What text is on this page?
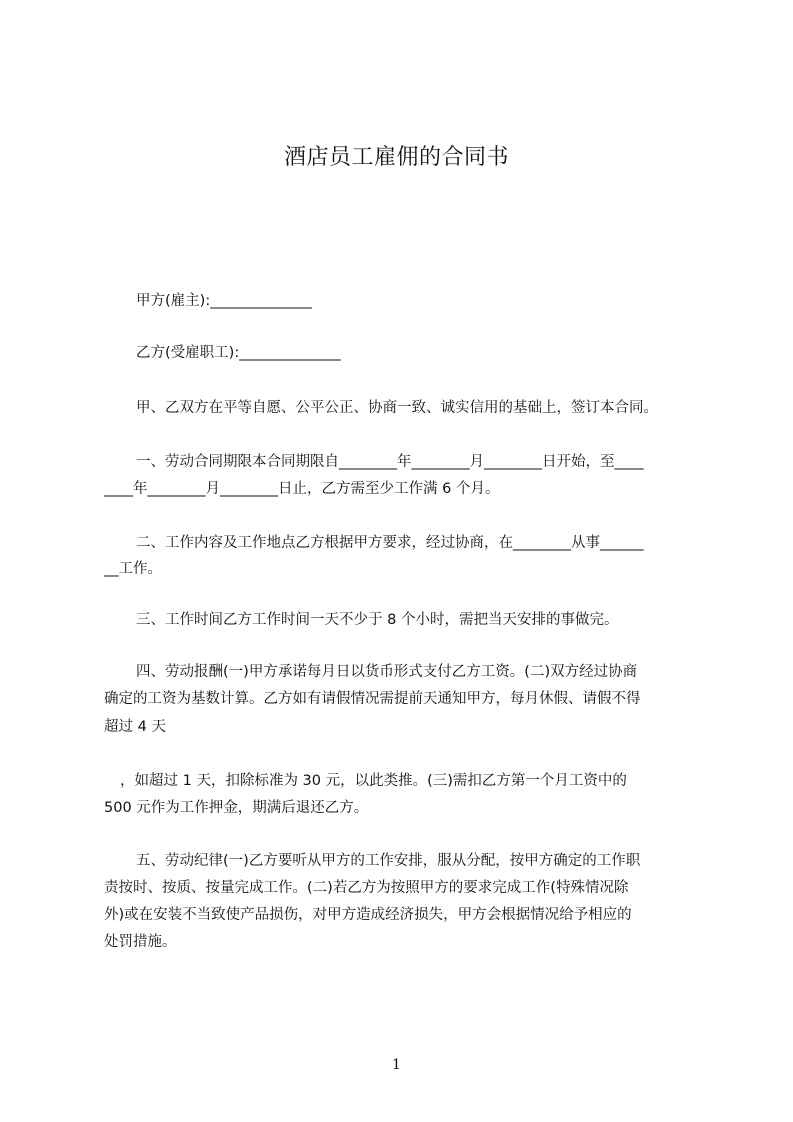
酒店员工雇佣的合同书
甲方(雇主):______________
乙方(受雇职工):______________
甲、乙双方在平等自愿、公平公正、协商一致、诚实信用的基础上，签订本合同。
一、劳动合同期限本合同期限自________年________月________日开始，至____
____年________月________日止，乙方需至少工作满 6 个月。
二、工作内容及工作地点乙方根据甲方要求，经过协商，在________从事______
__工作。
三、工作时间乙方工作时间一天不少于 8 个小时，需把当天安排的事做完。
四、劳动报酬(一)甲方承诺每月日以货币形式支付乙方工资。(二)双方经过协商
确定的工资为基数计算。乙方如有请假情况需提前天通知甲方，每月休假、请假不得
超过 4 天
，如超过 1 天，扣除标准为 30 元，以此类推。(三)需扣乙方第一个月工资中的
500 元作为工作押金，期满后退还乙方。
五、劳动纪律(一)乙方要听从甲方的工作安排，服从分配，按甲方确定的工作职
责按时、按质、按量完成工作。(二)若乙方为按照甲方的要求完成工作(特殊情况除
外)或在安装不当致使产品损伤，对甲方造成经济损失，甲方会根据情况给予相应的
处罚措施。
1
